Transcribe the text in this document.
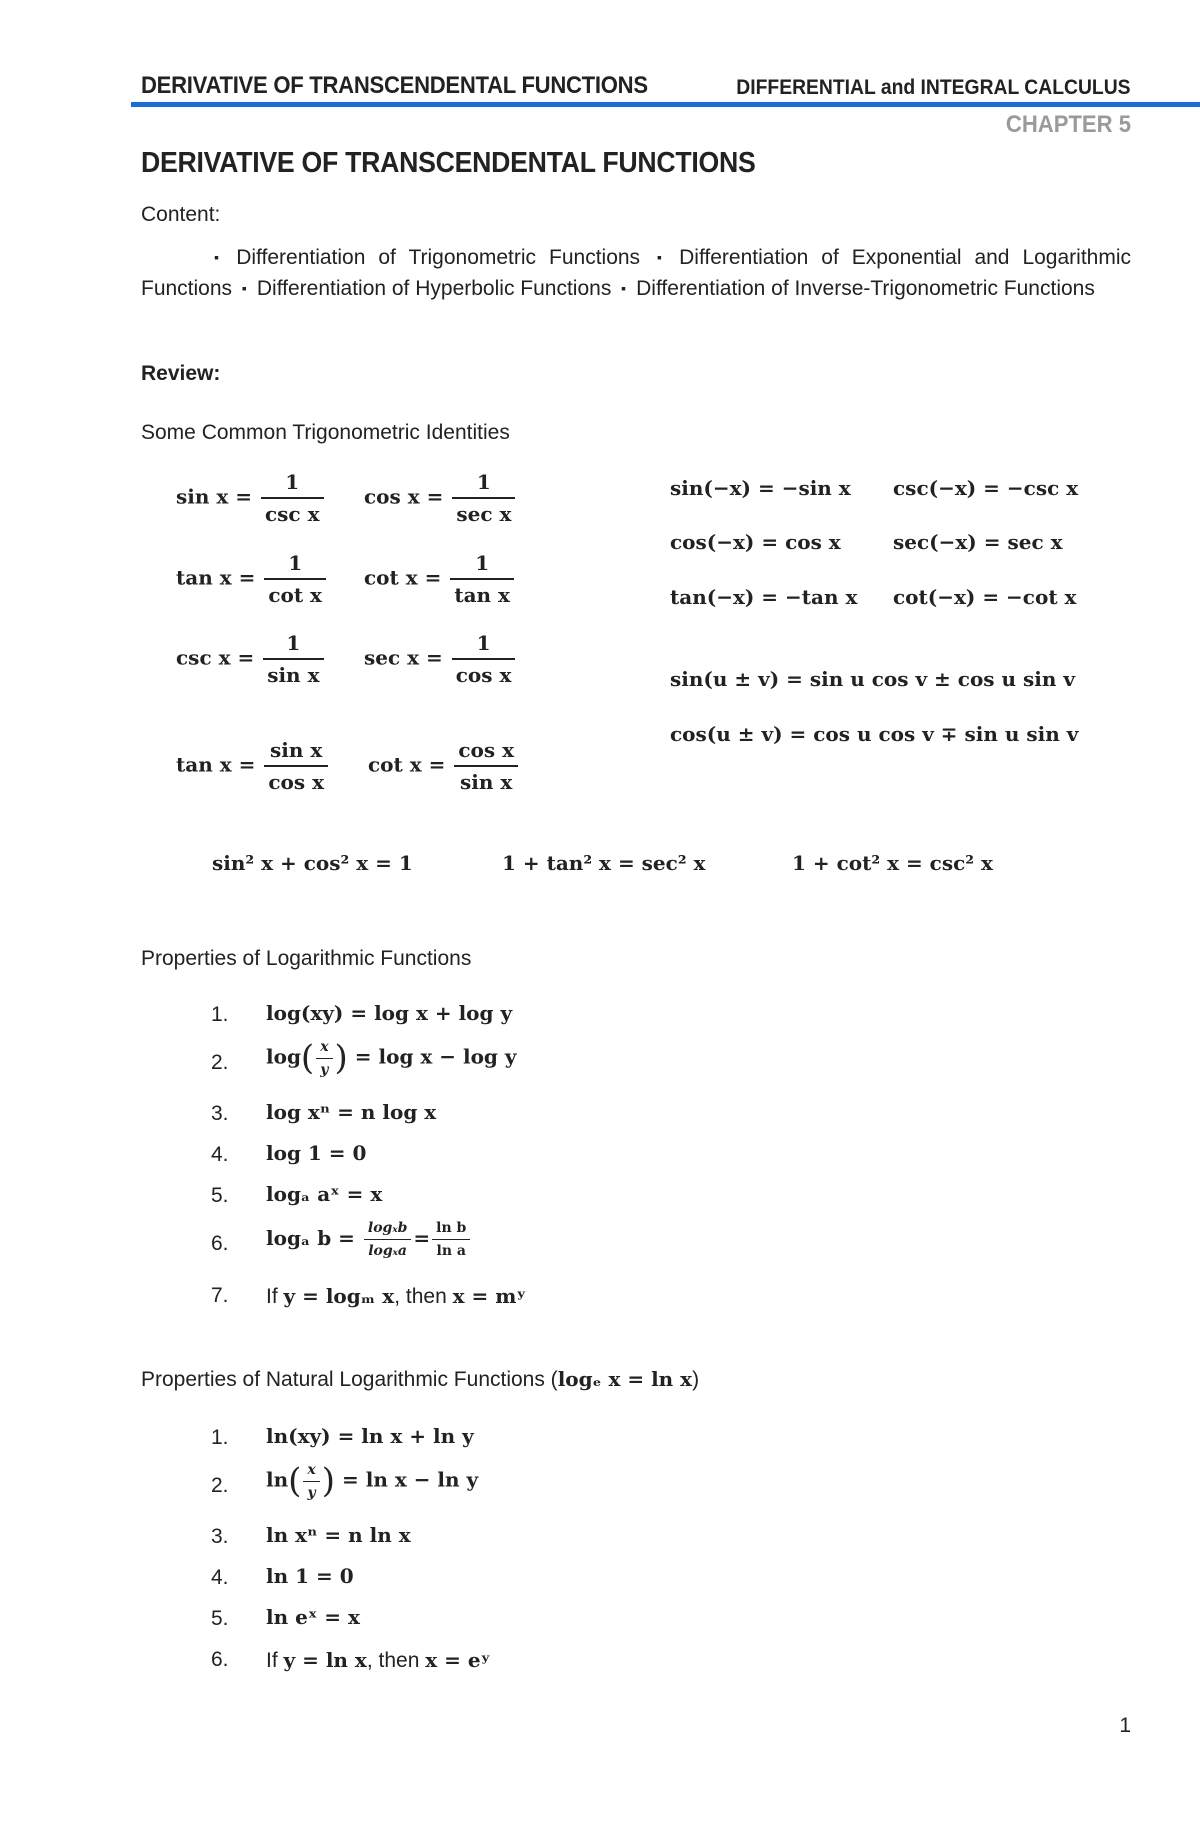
DERIVATIVE OF TRANSCENDENTAL FUNCTIONS	DIFFERENTIAL and INTEGRAL CALCULUS
CHAPTER 5
DERIVATIVE OF TRANSCENDENTAL FUNCTIONS
Content:
▪ Differentiation of Trigonometric Functions ▪ Differentiation of Exponential and Logarithmic Functions ▪ Differentiation of Hyperbolic Functions ▪ Differentiation of Inverse-Trigonometric Functions
Review:
Some Common Trigonometric Identities
$\sin x = \frac{1}{\text{csc x}}$ $\cos x = \frac{1}{\text{sec x}}$
$\tan x = \frac{1}{\text{cot x}}$ $\cot x = \frac{1}{\text{tan x}}$
$\csc x = \frac{1}{\text{sin x}}$ $\sec x = \frac{1}{\text{cos x}}$
$\tan x = \frac{\text{sin x}}{\text{cos x}}$ $\cot x = \frac{\text{cos x}}{\text{sin x}}$
sin(−x) = −sin x csc(−x) = −csc x
cos(−x) = cos x	sec(−x) = sec x
tan(−x) = −tan x cot(−x) = −cot x
sin(u ± v) = sin u cos v ± cos u sin v
cos(u ± v) = cos u cos v ∓ sin u sin v
sin² x + cos² x = 1	1 + tan² x = sec² x	1 + cot² x = csc² x
Properties of Logarithmic Functions
1. log(xy) = log x + log y
2. $\log( \frac{x}{y}$ ) = log x − log y
3. log xⁿ = n log x
4. log 1 = 0
5. logₐ aˣ = x
6. logₐ $b = \frac{\text{logₓb}}{\text{logₓa}} = \frac{\text{ln b}}{\text{ln a}}$
7. If y = logₘ x, then x = mʸ
Properties of Natural Logarithmic Functions (logₑ x = ln x)
1. ln(xy) = ln x + ln y
2. $\ln( \frac{x}{y}$ ) = ln x − ln y
3. ln xⁿ = n ln x
4. ln 1 = 0
5. ln eˣ = x
6. If y = ln x, then x = eʸ
1
